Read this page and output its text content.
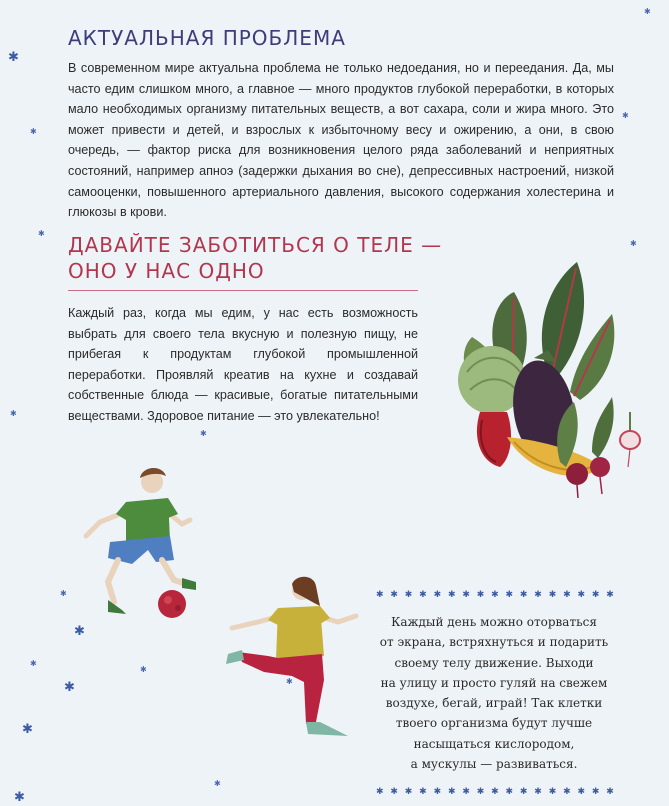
✱
✱
✱
✱
✱
✱
✱
✱
✱
✱
✱
✱
✱
✱
✱
✱
✱
АКТУАЛЬНАЯ ПРОБЛЕМА

В современном мире актуальна проблема не только недоедания, но и переедания. Да, мы часто едим слишком много, а главное — много продуктов глубокой переработки, в которых мало необходимых организму питательных веществ, а вот сахара, соли и жира много. Это может привести и детей, и взрослых к избыточному весу и ожирению, а они, в свою очередь, — фактор риска для возникновения целого ряда заболеваний и неприятных состояний, например апноэ (задержки дыхания во сне), депрессивных настроений, низкой самооценки, повышенного артериального давления, высокого содержания холестерина и глюкозы в крови.

ДАВАЙТЕ ЗАБОТИТЬСЯ О ТЕЛЕ —
ОНО У НАС ОДНО

Каждый раз, когда мы едим, у нас есть возможность выбрать для своего тела вкусную и полезную пищу, не прибегая к продуктам глубокой промышленной переработки. Проявляй креатив на кухне и создавай собственные блюда — красивые, богатые питательными веществами. Здоровое питание — это увлекательно!

✱ ✱ ✱ ✱ ✱ ✱ ✱ ✱ ✱ ✱ ✱ ✱ ✱ ✱ ✱ ✱ ✱
Каждый день можно оторваться
от экрана, встряхнуться и подарить
своему телу движение. Выходи
на улицу и просто гуляй на свежем
воздухе, бегай, играй! Так клетки
твоего организма будут лучше
насыщаться кислородом,
а мускулы — развиваться.
✱ ✱ ✱ ✱ ✱ ✱ ✱ ✱ ✱ ✱ ✱ ✱ ✱ ✱ ✱ ✱ ✱
